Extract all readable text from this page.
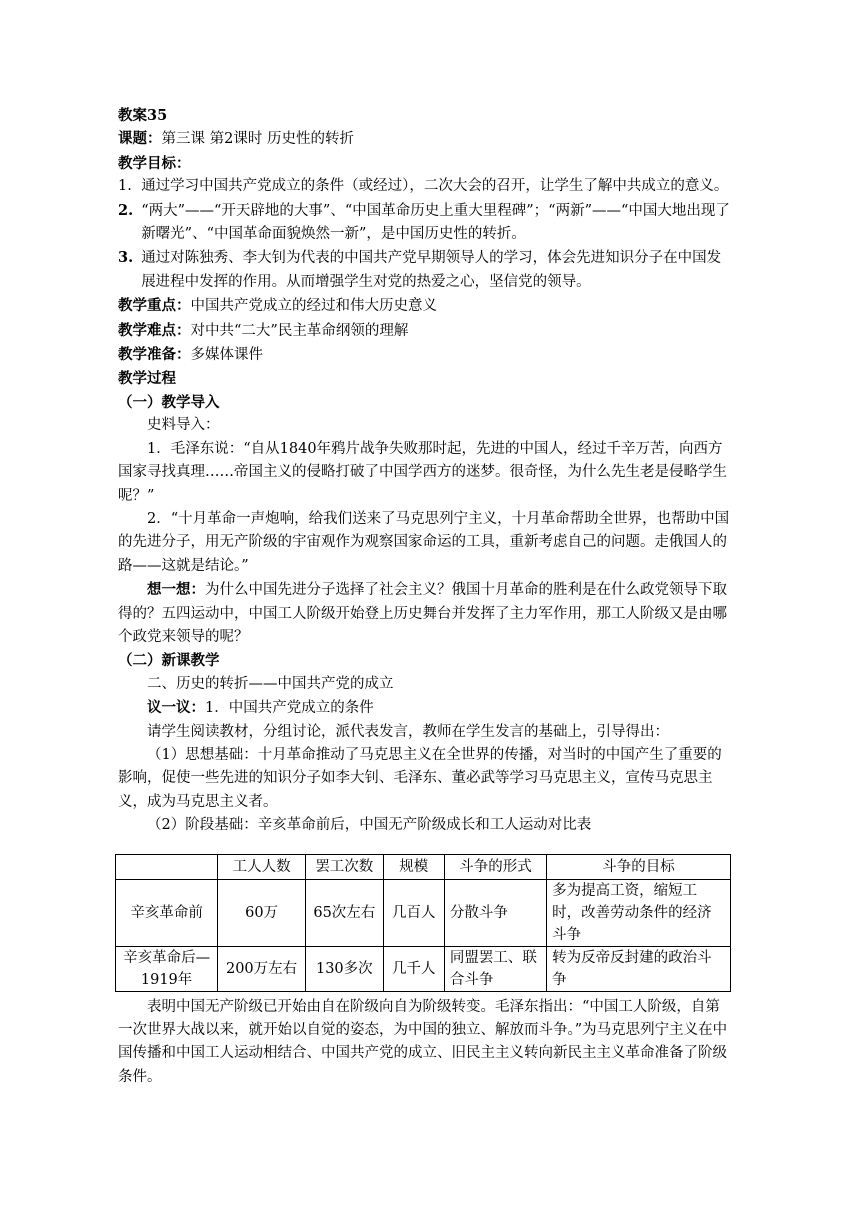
教案35

课题：第三课 第2课时 历史性的转折

教学目标：

1. 通过学习中国共产党成立的条件（或经过），二次大会的召开，让学生了解中共成立的意义。

2. “两大”——“开天辟地的大事”、“中国革命历史上重大里程碑”；“两新”——“中国大地出现了新曙光”、“中国革命面貌焕然一新”，是中国历史性的转折。

3. 通过对陈独秀、李大钊为代表的中国共产党早期领导人的学习，体会先进知识分子在中国发展进程中发挥的作用。从而增强学生对党的热爱之心，坚信党的领导。

教学重点：中国共产党成立的经过和伟大历史意义

教学难点：对中共“二大”民主革命纲领的理解

教学准备：多媒体课件

教学过程

（一）教学导入

史料导入：

1．毛泽东说：“自从1840年鸦片战争失败那时起，先进的中国人，经过千辛万苦，向西方国家寻找真理……帝国主义的侵略打破了中国学西方的迷梦。很奇怪，为什么先生老是侵略学生呢？”

2．“十月革命一声炮响，给我们送来了马克思列宁主义，十月革命帮助全世界，也帮助中国的先进分子，用无产阶级的宇宙观作为观察国家命运的工具，重新考虑自己的问题。走俄国人的路——这就是结论。”

想一想：为什么中国先进分子选择了社会主义？俄国十月革命的胜利是在什么政党领导下取得的？五四运动中，中国工人阶级开始登上历史舞台并发挥了主力军作用，那工人阶级又是由哪个政党来领导的呢？

（二）新课教学

二、历史的转折——中国共产党的成立

议一议：1．中国共产党成立的条件

请学生阅读教材，分组讨论，派代表发言，教师在学生发言的基础上，引导得出：

（1）思想基础：十月革命推动了马克思主义在全世界的传播，对当时的中国产生了重要的影响，促使一些先进的知识分子如李大钊、毛泽东、董必武等学习马克思主义，宣传马克思主义，成为马克思主义者。

（2）阶段基础：辛亥革命前后，中国无产阶级成长和工人运动对比表

	工人人数	罢工次数	规模	斗争的形式	斗争的目标
辛亥革命前	60万	65次左右	几百人	分散斗争	多为提高工资，缩短工时，改善劳动条件的经济斗争
辛亥革命后—1919年	200万左右	130多次	几千人	同盟罢工、联合斗争	转为反帝反封建的政治斗争

表明中国无产阶级已开始由自在阶级向自为阶级转变。毛泽东指出：“中国工人阶级，自第一次世界大战以来，就开始以自觉的姿态，为中国的独立、解放而斗争。”为马克思列宁主义在中国传播和中国工人运动相结合、中国共产党的成立、旧民主主义转向新民主主义革命准备了阶级条件。
